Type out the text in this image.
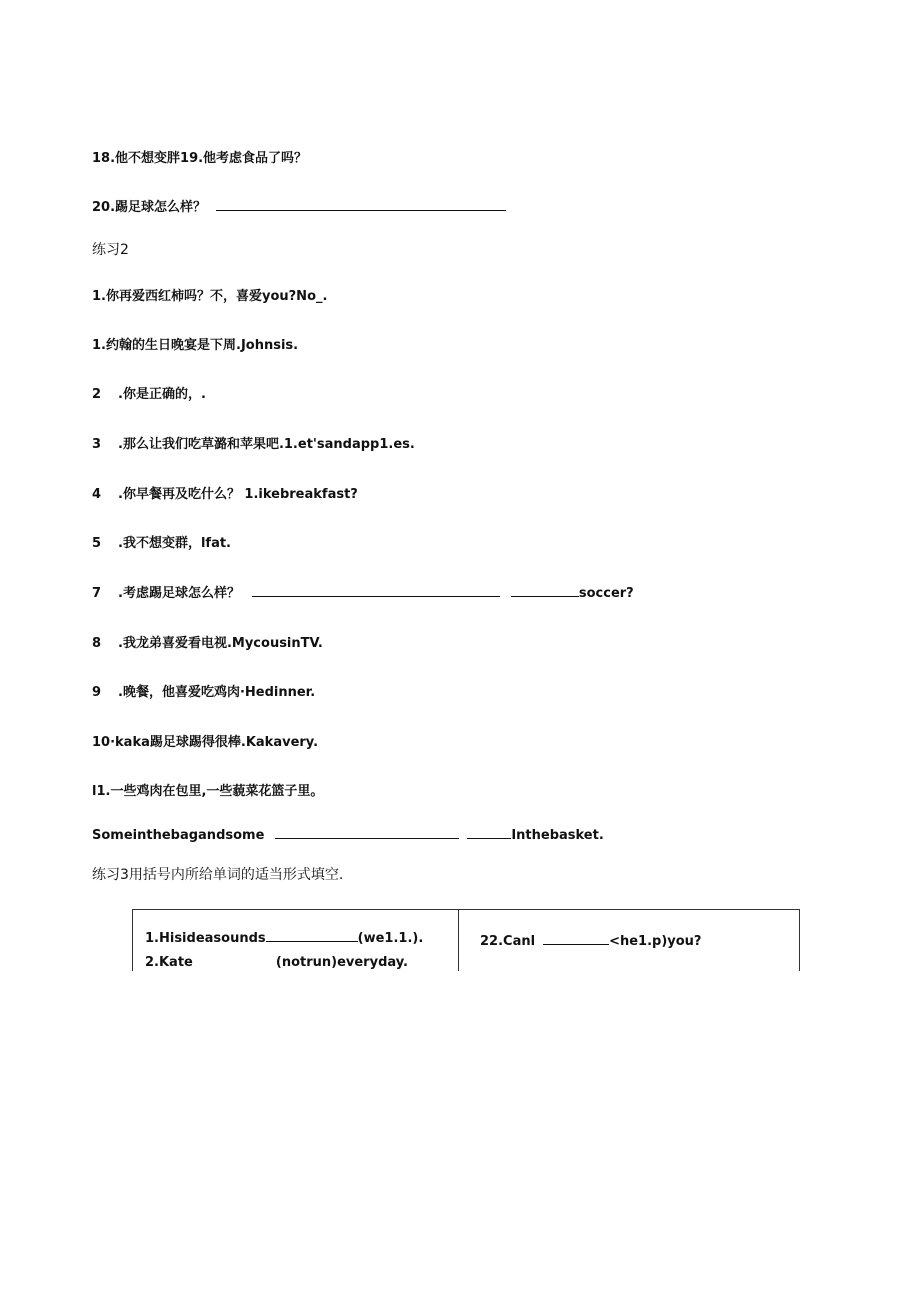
18.他不想变胖19.他考虑食品了吗？
20.踢足球怎么样？
练习2
1.你再爱西红柿吗？不，喜爱you?No_.
1.约翰的生日晚宴是下周.Johnsis.
2 .你是正确的，.
3 .那么让我们吃草潞和苹果吧.1.et'sandapp1.es.
4 .你早餐再及吃什么？ 1.ikebreakfast?
5 .我不想变群，lfat.
7 .考虑踢足球怎么样？	soccer?
8 .我龙弟喜爱看电视.MycousinTV.
9 .晚餐，他喜爱吃鸡肉·Hedinner.
10·kaka踢足球踢得很棒.Kakavery.
l1.一些鸡肉在包里,一些藐菜花篮子里。
Someinthebagandsome	Inthebasket.
练习3用括号内所给单词的适当形式填空.
1.Hisideasounds	(we1.1.).
2.Kate	(notrun)everyday.
22.Canl	<he1.p)you?
